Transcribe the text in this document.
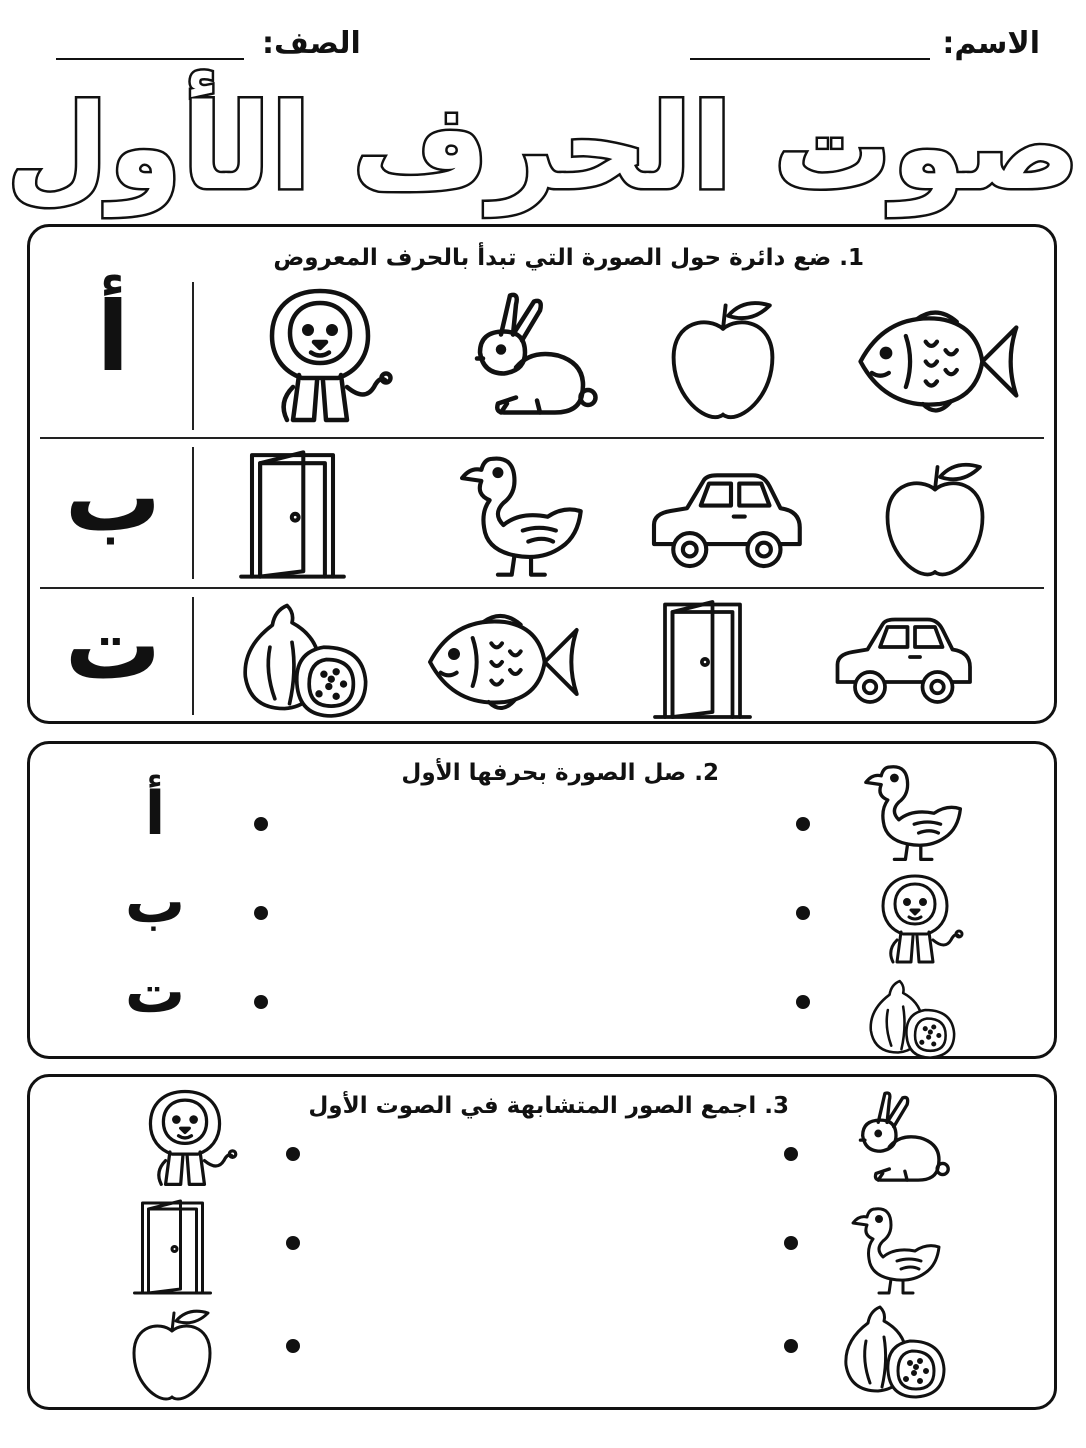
الاسم:
الصف:
صوت الحرف الأول
1. ضع دائرة حول الصورة التي تبدأ بالحرف المعروض
أ
ب
ت
2. صل الصورة بحرفها الأول
أ
ب
ت
3. اجمع الصور المتشابهة في الصوت الأول
